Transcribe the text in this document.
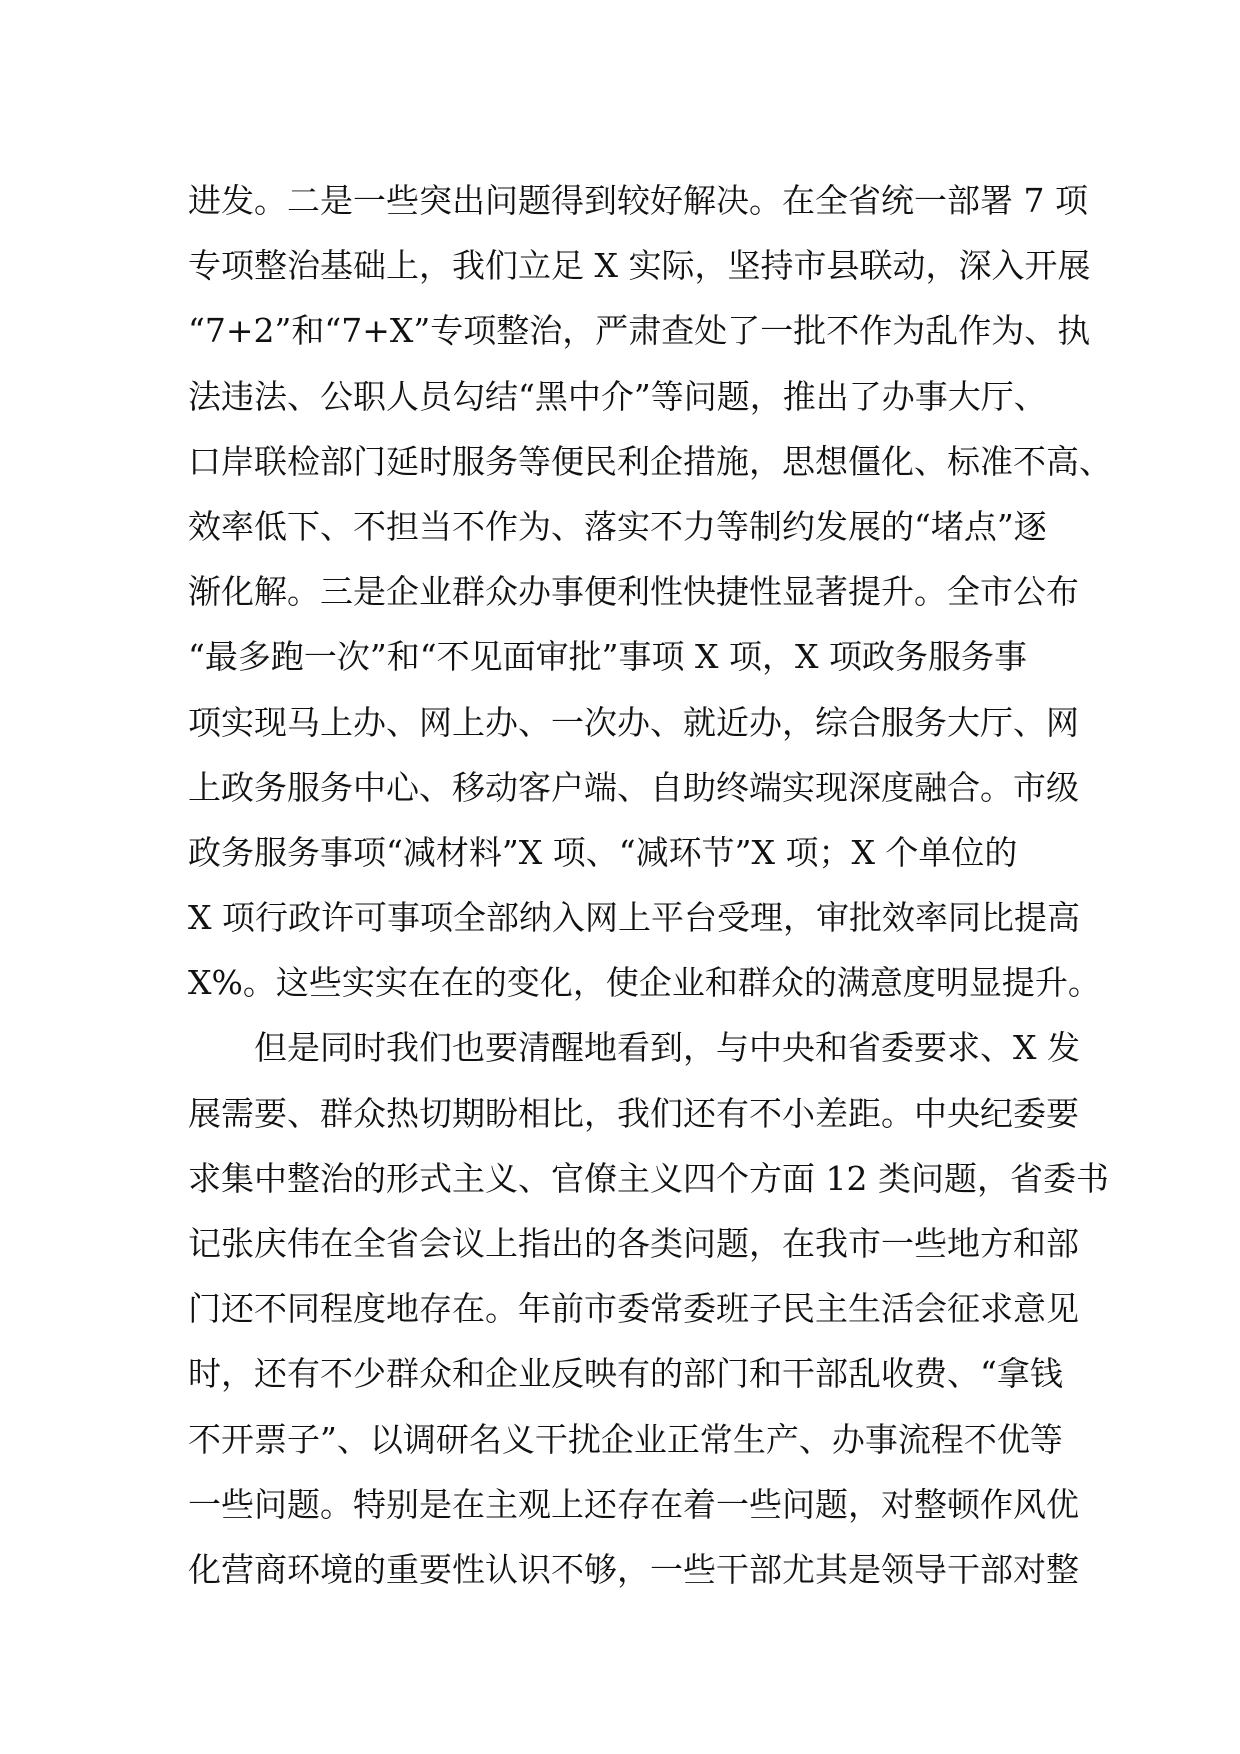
进发。二是一些突出问题得到较好解决。在全省统一部署 7 项
专项整治基础上，我们立足 X 实际，坚持市县联动，深入开展
“7+2”和“7+X”专项整治，严肃查处了一批不作为乱作为、执
法违法、公职人员勾结“黑中介”等问题，推出了办事大厅、
口岸联检部门延时服务等便民利企措施，思想僵化、标准不高、
效率低下、不担当不作为、落实不力等制约发展的“堵点”逐
渐化解。三是企业群众办事便利性快捷性显著提升。全市公布
“最多跑一次”和“不见面审批”事项 X 项，X 项政务服务事
项实现马上办、网上办、一次办、就近办，综合服务大厅、网
上政务服务中心、移动客户端、自助终端实现深度融合。市级
政务服务事项“减材料”X 项、“减环节”X 项；X 个单位的
X 项行政许可事项全部纳入网上平台受理，审批效率同比提高
X%。这些实实在在的变化，使企业和群众的满意度明显提升。
但是同时我们也要清醒地看到，与中央和省委要求、X 发
展需要、群众热切期盼相比，我们还有不小差距。中央纪委要
求集中整治的形式主义、官僚主义四个方面 12 类问题，省委书
记张庆伟在全省会议上指出的各类问题，在我市一些地方和部
门还不同程度地存在。年前市委常委班子民主生活会征求意见
时，还有不少群众和企业反映有的部门和干部乱收费、“拿钱
不开票子”、以调研名义干扰企业正常生产、办事流程不优等
一些问题。特别是在主观上还存在着一些问题，对整顿作风优
化营商环境的重要性认识不够，一些干部尤其是领导干部对整
